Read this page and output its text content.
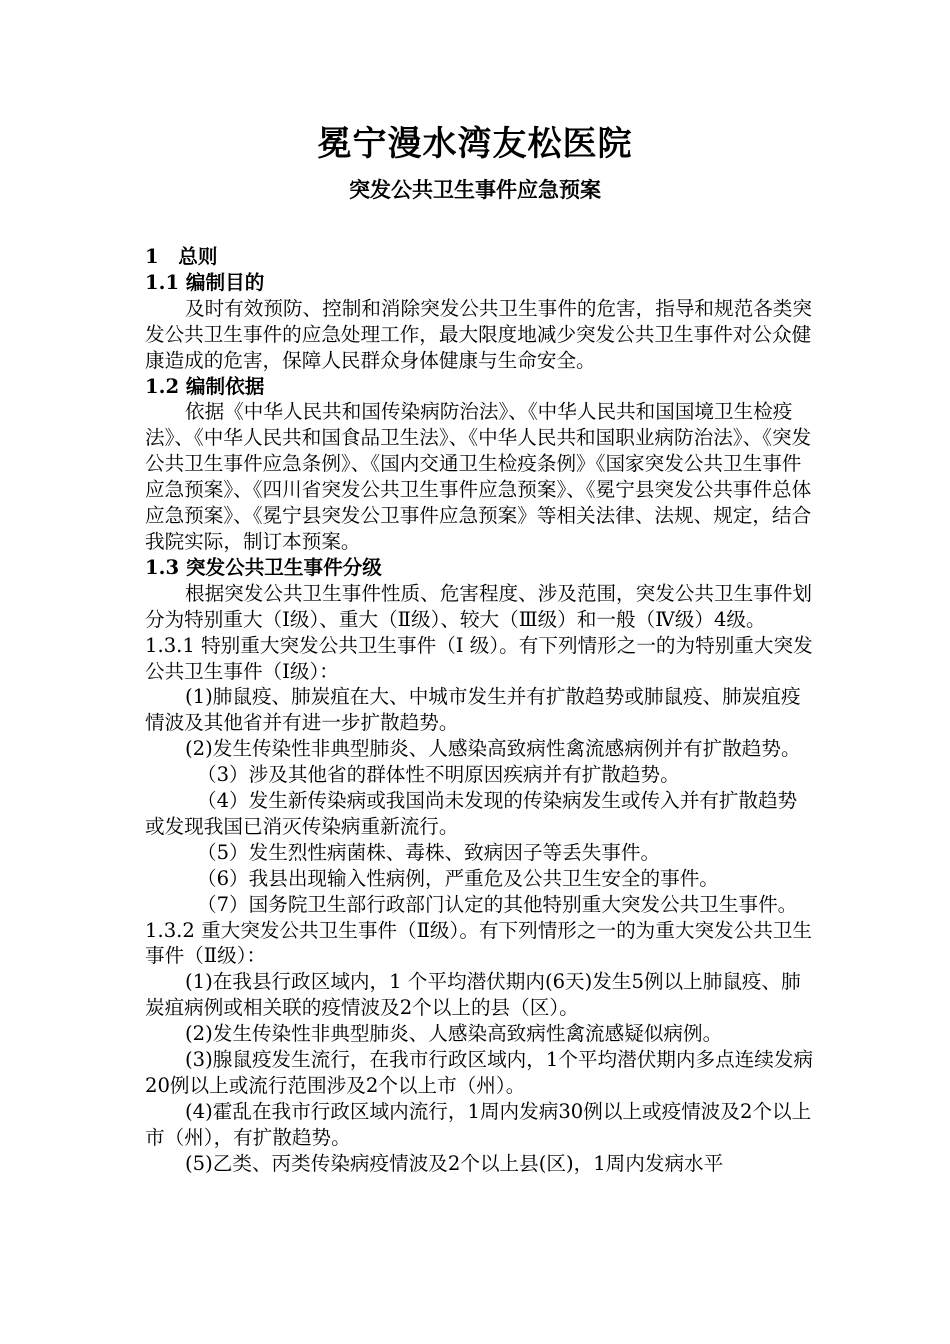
冕宁漫水湾友松医院
突发公共卫生事件应急预案

1　总则

1.1 编制目的

及时有效预防、控制和消除突发公共卫生事件的危害，指导和规范各类突发公共卫生事件的应急处理工作，最大限度地减少突发公共卫生事件对公众健康造成的危害，保障人民群众身体健康与生命安全。

1.2 编制依据

依据《中华人民共和国传染病防治法》、《中华人民共和国国境卫生检疫法》、《中华人民共和国食品卫生法》、《中华人民共和国职业病防治法》、《突发公共卫生事件应急条例》、《国内交通卫生检疫条例》《国家突发公共卫生事件应急预案》、《四川省突发公共卫生事件应急预案》、《冕宁县突发公共事件总体应急预案》、《冕宁县突发公卫事件应急预案》等相关法律、法规、规定，结合我院实际，制订本预案。

1.3 突发公共卫生事件分级

根据突发公共卫生事件性质、危害程度、涉及范围，突发公共卫生事件划分为特别重大（Ⅰ级）、重大（Ⅱ级）、较大（Ⅲ级）和一般（Ⅳ级）4级。

1.3.1 特别重大突发公共卫生事件（Ⅰ 级）。有下列情形之一的为特别重大突发公共卫生事件（Ⅰ级）：

(1)肺鼠疫、肺炭疽在大、中城市发生并有扩散趋势或肺鼠疫、肺炭疽疫情波及其他省并有进一步扩散趋势。

(2)发生传染性非典型肺炎、人感染高致病性禽流感病例并有扩散趋势。

（3）涉及其他省的群体性不明原因疾病并有扩散趋势。

（4）发生新传染病或我国尚未发现的传染病发生或传入并有扩散趋势或发现我国已消灭传染病重新流行。

（5）发生烈性病菌株、毒株、致病因子等丢失事件。

（6）我县出现输入性病例，严重危及公共卫生安全的事件。

（7）国务院卫生部行政部门认定的其他特别重大突发公共卫生事件。

1.3.2 重大突发公共卫生事件（Ⅱ级）。有下列情形之一的为重大突发公共卫生事件（Ⅱ级）：

(1)在我县行政区域内，1 个平均潜伏期内(6天)发生5例以上肺鼠疫、肺炭疽病例或相关联的疫情波及2个以上的县（区）。

(2)发生传染性非典型肺炎、人感染高致病性禽流感疑似病例。

(3)腺鼠疫发生流行，在我市行政区域内，1个平均潜伏期内多点连续发病20例以上或流行范围涉及2个以上市（州）。

(4)霍乱在我市行政区域内流行，1周内发病30例以上或疫情波及2个以上市（州），有扩散趋势。

(5)乙类、丙类传染病疫情波及2个以上县(区)，1周内发病水平
